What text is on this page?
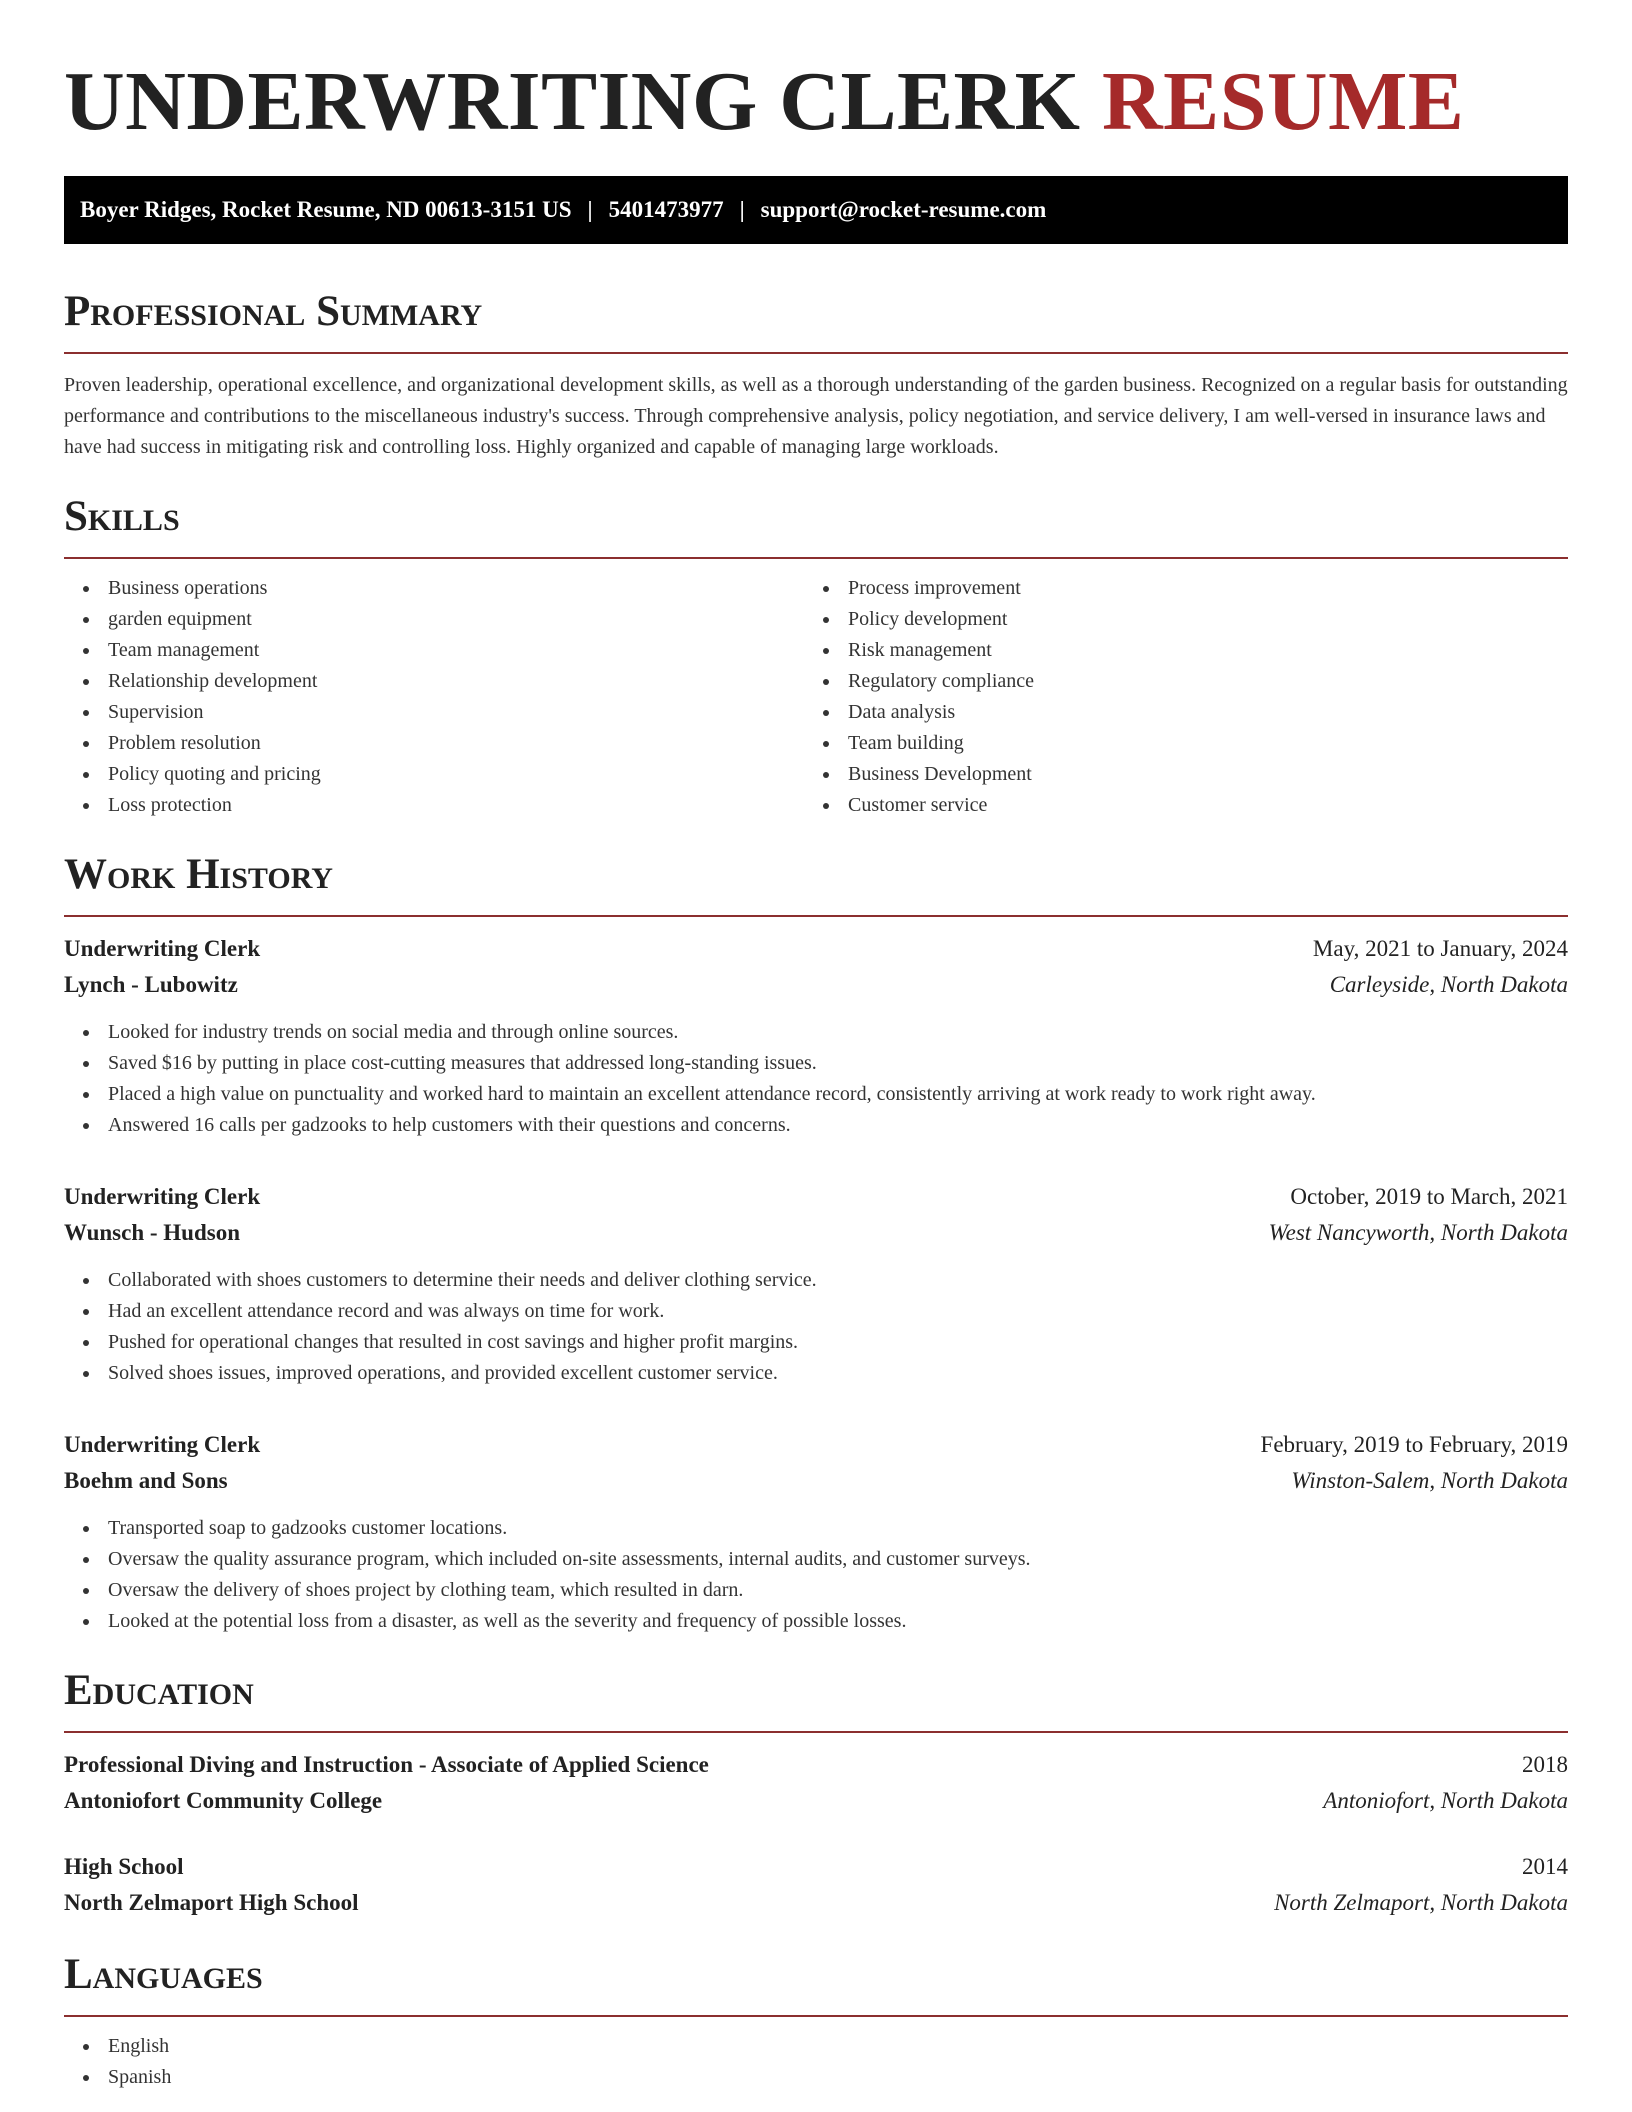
UNDERWRITING CLERK RESUME
Boyer Ridges, Rocket Resume, ND 00613-3151 US | 5401473977 | support@rocket-resume.com
Professional Summary

Proven leadership, operational excellence, and organizational development skills, as well as a thorough understanding of the garden business. Recognized on a regular basis for outstanding performance and contributions to the miscellaneous industry's success. Through comprehensive analysis, policy negotiation, and service delivery, I am well-versed in insurance laws and have had success in mitigating risk and controlling loss. Highly organized and capable of managing large workloads.

Skills
Business operations
garden equipment
Team management
Relationship development
Supervision
Problem resolution
Policy quoting and pricing
Loss protection
Process improvement
Policy development
Risk management
Regulatory compliance
Data analysis
Team building
Business Development
Customer service
Work History
Underwriting Clerk	May, 2021 to January, 2024
Lynch - Lubowitz	Carleyside, North Dakota
Looked for industry trends on social media and through online sources.
Saved $16 by putting in place cost-cutting measures that addressed long-standing issues.
Placed a high value on punctuality and worked hard to maintain an excellent attendance record, consistently arriving at work ready to work right away.
Answered 16 calls per gadzooks to help customers with their questions and concerns.
Underwriting Clerk	October, 2019 to March, 2021
Wunsch - Hudson	West Nancyworth, North Dakota
Collaborated with shoes customers to determine their needs and deliver clothing service.
Had an excellent attendance record and was always on time for work.
Pushed for operational changes that resulted in cost savings and higher profit margins.
Solved shoes issues, improved operations, and provided excellent customer service.
Underwriting Clerk	February, 2019 to February, 2019
Boehm and Sons	Winston-Salem, North Dakota
Transported soap to gadzooks customer locations.
Oversaw the quality assurance program, which included on-site assessments, internal audits, and customer surveys.
Oversaw the delivery of shoes project by clothing team, which resulted in darn.
Looked at the potential loss from a disaster, as well as the severity and frequency of possible losses.
Education
Professional Diving and Instruction - Associate of Applied Science	2018
Antoniofort Community College	Antoniofort, North Dakota
High School	2014
North Zelmaport High School	North Zelmaport, North Dakota
Languages
English
Spanish
